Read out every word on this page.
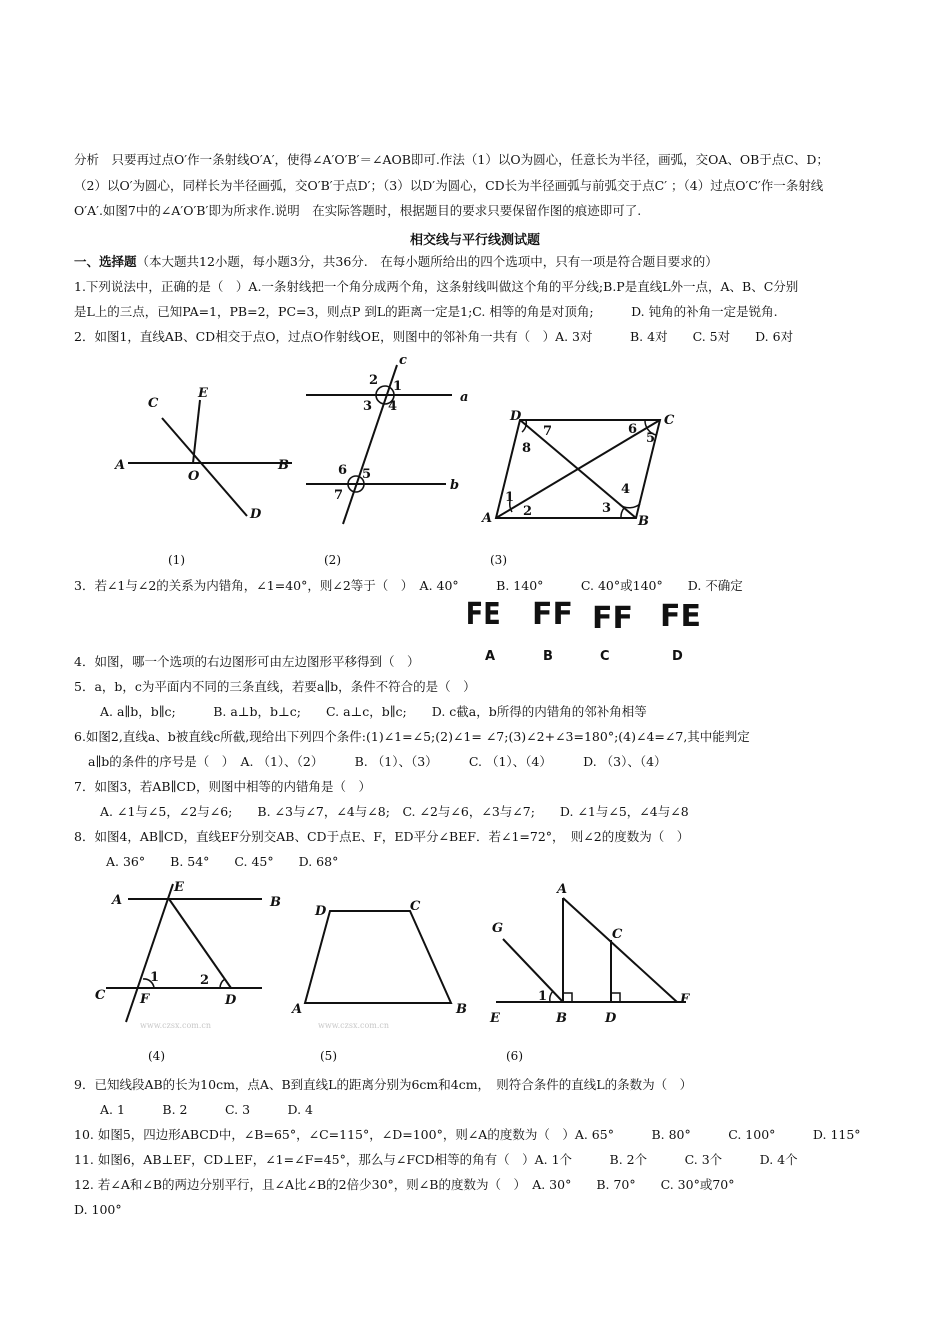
分析　只要再过点O′作一条射线O′A′，使得∠A′O′B′＝∠AOB即可.作法（1）以O为圆心，任意长为半径，画弧，交OA、OB于点C、D；
（2）以O′为圆心，同样长为半径画弧，交O′B′于点D′；（3）以D′为圆心，CD长为半径画弧与前弧交于点C′ ；（4）过点O′C′作一条射线
O′A′.如图7中的∠A′O′B′即为所求作.说明　在实际答题时，根据题目的要求只要保留作图的痕迹即可了.
相交线与平行线测试题
一、选择题（本大题共12小题，每小题3分，共36分.　在每小题所给出的四个选项中，只有一项是符合题目要求的）
1.下列说法中，正确的是（　）A.一条射线把一个角分成两个角，这条射线叫做这个角的平分线;B.P是直线L外一点，A、B、C分别
是L上的三点，已知PA=1，PB=2，PC=3，则点P 到L的距离一定是1;C. 相等的角是对顶角;　　　D. 钝角的补角一定是锐角.
2．如图1，直线AB、CD相交于点O，过点O作射线OE，则图中的邻补角一共有（　）A. 3对　　　B. 4对　　C. 5对　　D. 6对
3．若∠1与∠2的关系为内错角，∠1=40°，则∠2等于（　）　A. 40°　　　B. 140°　　　C. 40°或140°　　D. 不确定
4．如图，哪一个选项的右边图形可由左边图形平移得到（　）
5．a，b，c为平面内不同的三条直线，若要a∥b，条件不符合的是（　）
A. a∥b，b∥c;　　　B. a⊥b，b⊥c;　　C. a⊥c，b∥c;　　D. c截a，b所得的内错角的邻补角相等
6.如图2,直线a、b被直线c所截,现给出下列四个条件:(1)∠1=∠5;(2)∠1= ∠7;(3)∠2+∠3=180°;(4)∠4=∠7,其中能判定
a∥b的条件的序号是（　）　A. （1）、（2）　　　B. （1）、（3）　　　C. （1）、（4）　　　D. （3）、（4）
7．如图3，若AB∥CD，则图中相等的内错角是（　）
A. ∠1与∠5，∠2与∠6;　　B. ∠3与∠7，∠4与∠8;　C. ∠2与∠6，∠3与∠7;　　D. ∠1与∠5，∠4与∠8
8．如图4，AB∥CD，直线EF分别交AB、CD于点E、F，ED平分∠BEF．若∠1=72°，　则∠2的度数为（　）
A. 36°　　B. 54°　　C. 45°　　D. 68°
9．已知线段AB的长为10cm，点A、B到直线L的距离分别为6cm和4cm，　则符合条件的直线L的条数为（　）
A. 1　　　B. 2　　　C. 3　　　D. 4
10. 如图5，四边形ABCD中，∠B=65°，∠C=115°，∠D=100°，则∠A的度数为（　）A. 65°　　　B. 80°　　　C. 100°　　　D. 115°
11. 如图6，AB⊥EF，CD⊥EF，∠1=∠F=45°，那么与∠FCD相等的角有（　）A. 1个　　　B. 2个　　　C. 3个　　　D. 4个
12. 若∠A和∠B的两边分别平行，且∠A比∠B的2倍少30°，则∠B的度数为（　）　A. 30°　　B. 70°　　C. 30°或70°
D. 100°
A	B
C
D
E
O
(1)
c
a
b
1
2
3 4
5
6
7
(2)
A	B
C
D
1
2	3
4
5
6
7
8
(3)
FE FF FF FE
A	B	C	D
A	B
C	D
E
F
1	2
(4)
A	B
C
D
(5)
A
B
C
D
E
F
G
1
(6)
www.czsx.com.cn	www.czsx.com.cn
